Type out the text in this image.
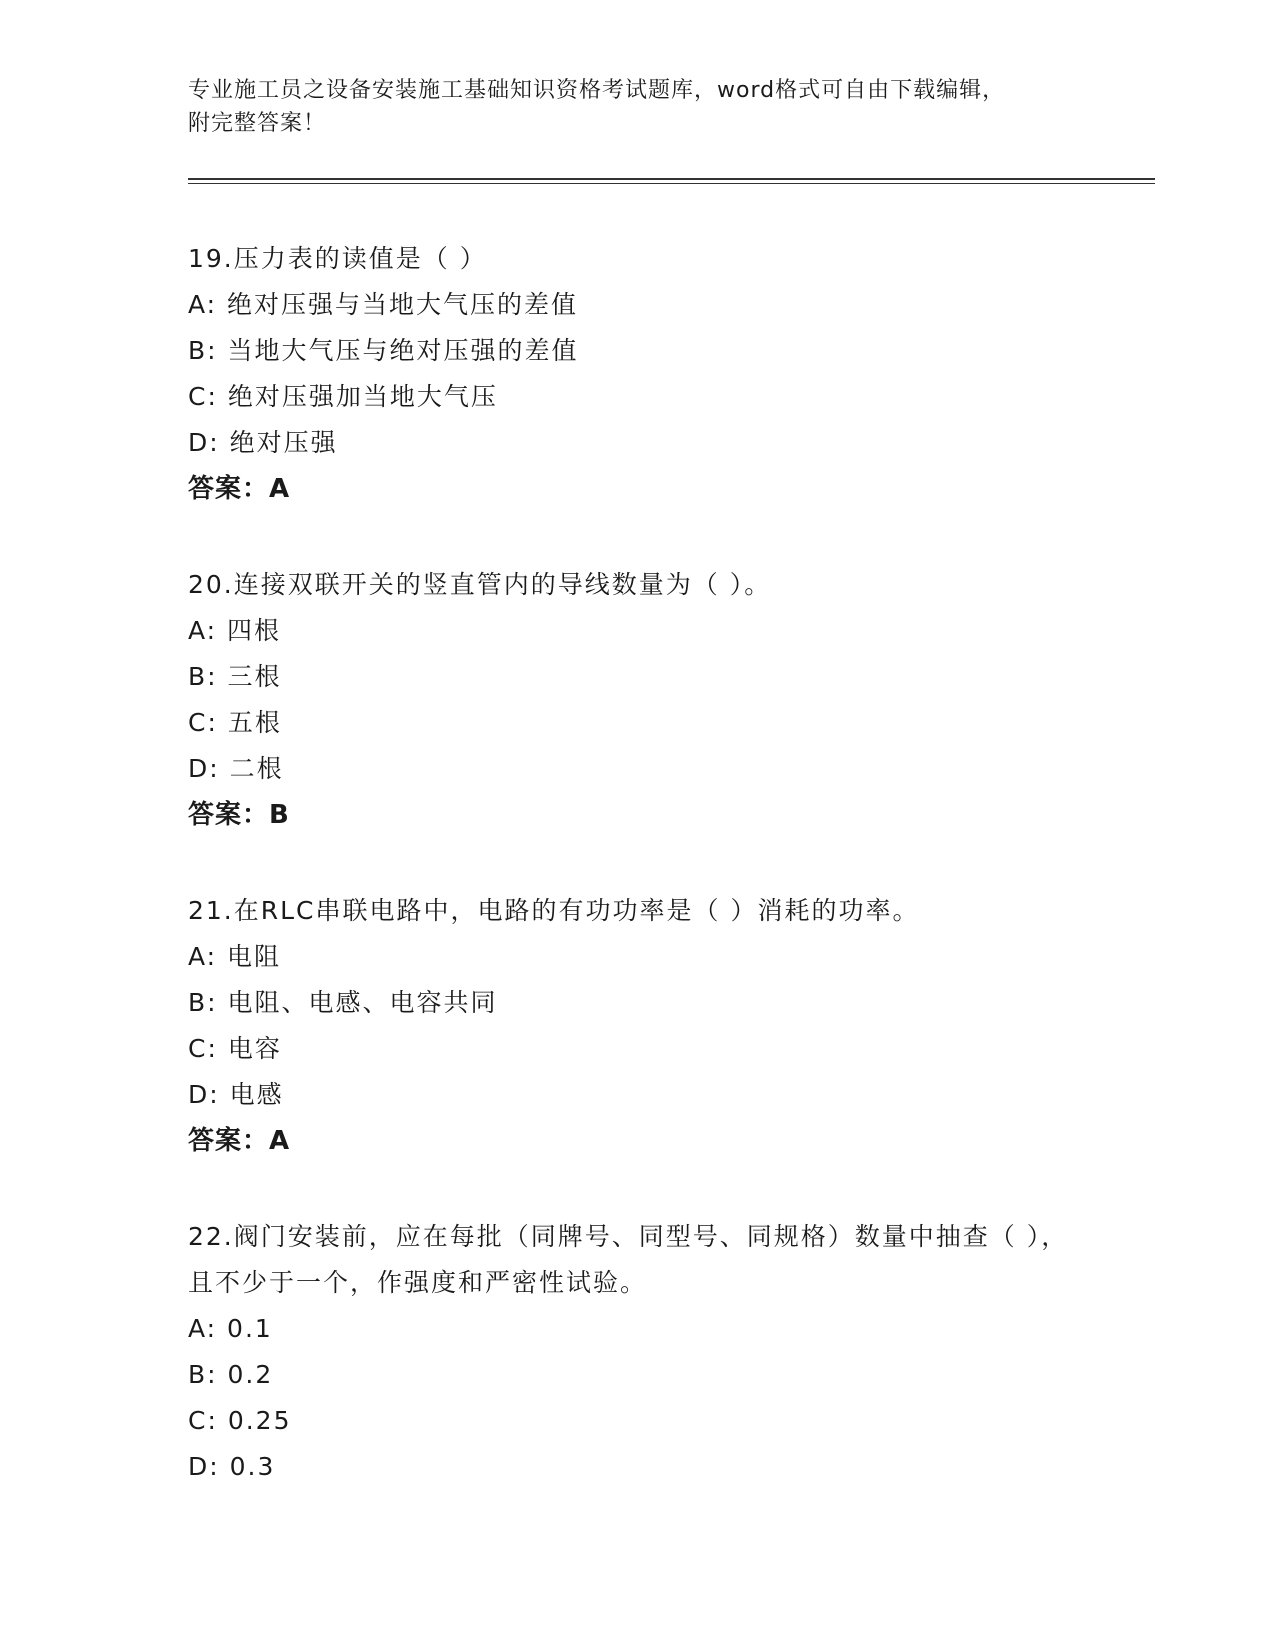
专业施工员之设备安装施工基础知识资格考试题库，word格式可自由下载编辑，
附完整答案！
19.压力表的读值是（ ）
A: 绝对压强与当地大气压的差值
B: 当地大气压与绝对压强的差值
C: 绝对压强加当地大气压
D: 绝对压强
答案：A
20.连接双联开关的竖直管内的导线数量为（ ）。
A: 四根
B: 三根
C: 五根
D: 二根
答案：B
21.在RLC串联电路中，电路的有功功率是（ ）消耗的功率。
A: 电阻
B: 电阻、电感、电容共同
C: 电容
D: 电感
答案：A
22.阀门安装前，应在每批（同牌号、同型号、同规格）数量中抽查（ ），且不少于一个，作强度和严密性试验。
A: 0.1
B: 0.2
C: 0.25
D: 0.3
